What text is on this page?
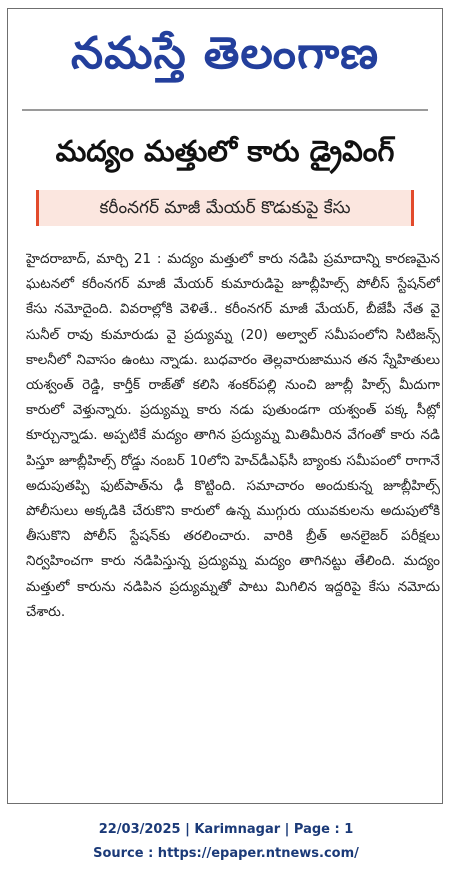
నమస్తే తెలంగాణ
మద్యం మత్తులో కారు డ్రైవింగ్
కరీంనగర్ మాజీ మేయర్ కొడుకుపై కేసు
హైదరాబాద్, మార్చి 21 : మద్యం మత్తులో కారు నడిపి ప్రమాదాన్ని కారణమైన ఘటనలో కరీంనగర్ మాజీ మేయర్ కుమారుడిపై జూబ్లీహిల్స్ పోలీస్ స్టేషన్‌లో కేసు నమోదైంది. వివరాల్లోకి వెళితే.. కరీంనగర్ మాజీ మేయర్, బీజేపీ నేత వై సునీల్ రావు కుమారుడు వై ప్రద్యుమ్న (20) అల్వాల్ సమీపంలోని సిటిజన్స్ కాలనీలో నివాసం ఉంటు న్నాడు. బుధవారం తెల్లవారుజామున తన స్నేహితులు యశ్వంత్ రెడ్డి, కార్తీక్ రాజ్‌తో కలిసి శంకర్‌పల్లి నుంచి జూబ్లీ హిల్స్ మీదుగా కారులో వెళ్తున్నారు. ప్రద్యుమ్న కారు నడు పుతుండగా యశ్వంత్ పక్క సీట్లో కూర్చున్నాడు. అప్పటికే మద్యం తాగిన ప్రద్యుమ్న మితిమీరిన వేగంతో కారు నడి పిస్తూ జూబ్లీహిల్స్ రోడ్డు నంబర్ 10లోని హెచ్‌డీఎఫ్‌సీ బ్యాంకు సమీపంలో రాగానే అదుపుతప్పి ఫుట్‌పాత్‌ను ఢీ కొట్టింది. సమాచారం అందుకున్న జూబ్లీహిల్స్ పోలీసులు అక్కడికి చేరుకొని కారులో ఉన్న ముగ్గురు యువకులను అదుపులోకి తీసుకొని పోలీస్ స్టేషన్‌కు తరలించారు. వారికి బ్రీత్ అనలైజర్ పరీక్షలు నిర్వహించగా కారు నడిపిస్తున్న ప్రద్యుమ్న మద్యం తాగినట్టు తేలింది. మద్యం మత్తులో కారును నడిపిన ప్రద్యుమ్న‌తో పాటు మిగిలిన ఇద్దరిపై కేసు నమోదు చేశారు.
22/03/2025 | Karimnagar | Page : 1
Source : https://epaper.ntnews.com/
